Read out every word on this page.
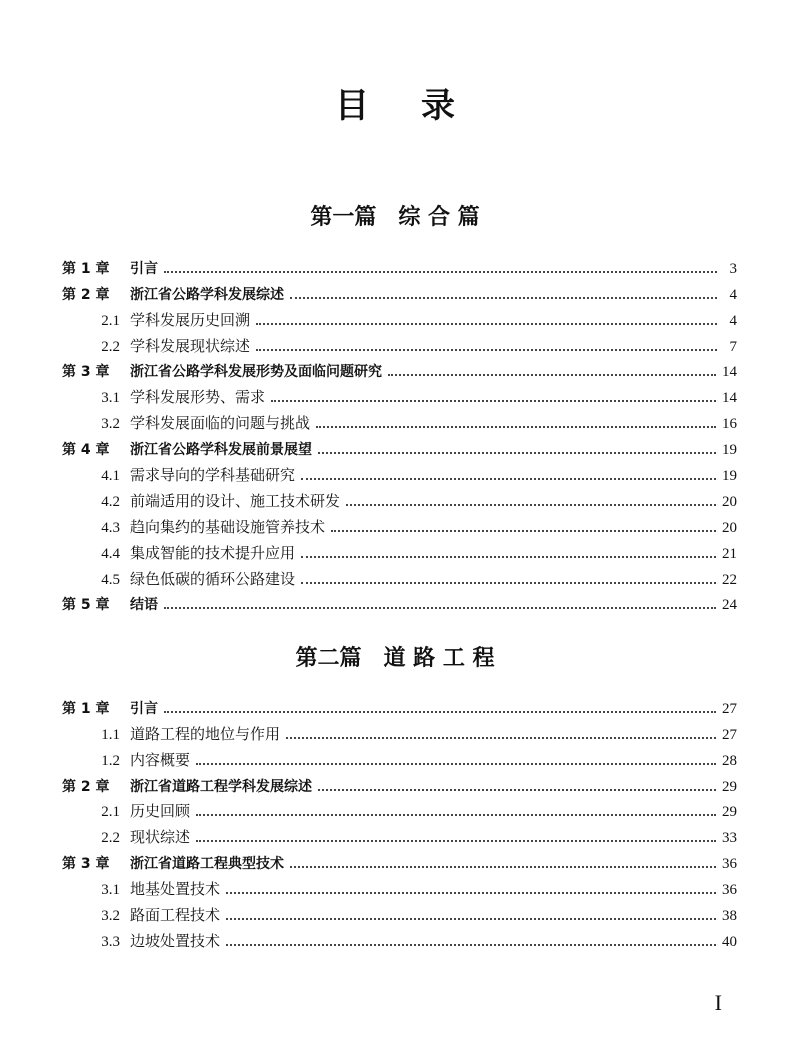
目录
第一篇 综 合 篇
第 1 章	引言	3
第 2 章	浙江省公路学科发展综述	4
2.1 学科发展历史回溯	4
2.2 学科发展现状综述	7
第 3 章	浙江省公路学科发展形势及面临问题研究	14
3.1 学科发展形势、需求	14
3.2 学科发展面临的问题与挑战	16
第 4 章	浙江省公路学科发展前景展望	19
4.1 需求导向的学科基础研究	19
4.2 前端适用的设计、施工技术研发	20
4.3 趋向集约的基础设施管养技术	20
4.4 集成智能的技术提升应用	21
4.5 绿色低碳的循环公路建设	22
第 5 章	结语	24
第二篇 道 路 工 程
第 1 章	引言	27
1.1 道路工程的地位与作用	27
1.2 内容概要	28
第 2 章	浙江省道路工程学科发展综述	29
2.1 历史回顾	29
2.2 现状综述	33
第 3 章	浙江省道路工程典型技术	36
3.1 地基处置技术	36
3.2 路面工程技术	38
3.3 边坡处置技术	40
I
